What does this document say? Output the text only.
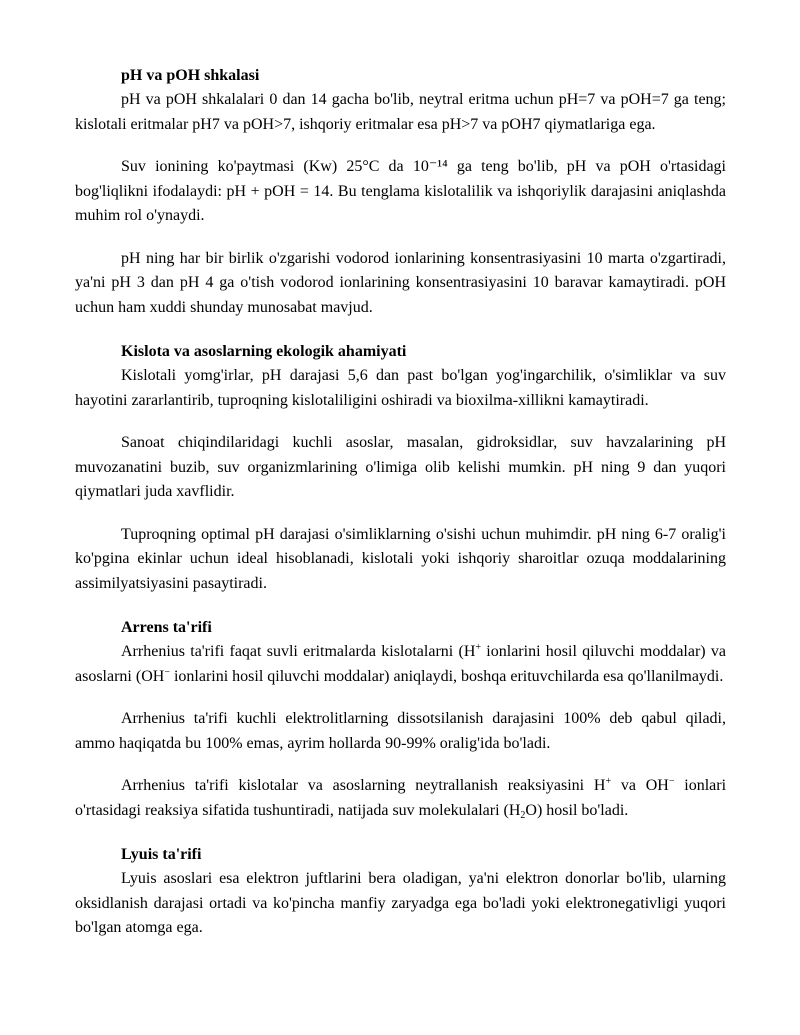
pH va pOH shkalasi

pH va pOH shkalalari 0 dan 14 gacha bo'lib, neytral eritma uchun pH=7 va pOH=7 ga teng; kislotali eritmalar pH7 va pOH>7, ishqoriy eritmalar esa pH>7 va pOH7 qiymatlariga ega.

Suv ionining ko'paytmasi (Kw) 25°C da 10⁻¹⁴ ga teng bo'lib, pH va pOH o'rtasidagi bog'liqlikni ifodalaydi: pH + pOH = 14. Bu tenglama kislotalilik va ishqoriylik darajasini aniqlashda muhim rol o'ynaydi.

pH ning har bir birlik o'zgarishi vodorod ionlarining konsentrasiyasini 10 marta o'zgartiradi, ya'ni pH 3 dan pH 4 ga o'tish vodorod ionlarining konsentrasiyasini 10 baravar kamaytiradi. pOH uchun ham xuddi shunday munosabat mavjud.

Kislota va asoslarning ekologik ahamiyati

Kislotali yomg'irlar, pH darajasi 5,6 dan past bo'lgan yog'ingarchilik, o'simliklar va suv hayotini zararlantirib, tuproqning kislotaliligini oshiradi va bioxilma-xillikni kamaytiradi.

Sanoat chiqindilaridagi kuchli asoslar, masalan, gidroksidlar, suv havzalarining pH muvozanatini buzib, suv organizmlarining o'limiga olib kelishi mumkin. pH ning 9 dan yuqori qiymatlari juda xavflidir.

Tuproqning optimal pH darajasi o'simliklarning o'sishi uchun muhimdir. pH ning 6-7 oralig'i ko'pgina ekinlar uchun ideal hisoblanadi, kislotali yoki ishqoriy sharoitlar ozuqa moddalarining assimilyatsiyasini pasaytiradi.

Arrens ta'rifi

Arrhenius ta'rifi faqat suvli eritmalarda kislotalarni (H+ ionlarini hosil qiluvchi moddalar) va asoslarni (OH− ionlarini hosil qiluvchi moddalar) aniqlaydi, boshqa erituvchilarda esa qo'llanilmaydi.

Arrhenius ta'rifi kuchli elektrolitlarning dissotsilanish darajasini 100% deb qabul qiladi, ammo haqiqatda bu 100% emas, ayrim hollarda 90-99% oralig'ida bo'ladi.

Arrhenius ta'rifi kislotalar va asoslarning neytrallanish reaksiyasini H+ va OH− ionlari o'rtasidagi reaksiya sifatida tushuntiradi, natijada suv molekulalari $(H_2O)$ hosil bo'ladi.

Lyuis ta'rifi

Lyuis asoslari esa elektron juftlarini bera oladigan, ya'ni elektron donorlar bo'lib, ularning oksidlanish darajasi ortadi va ko'pincha manfiy zaryadga ega bo'ladi yoki elektronegativligi yuqori bo'lgan atomga ega.
